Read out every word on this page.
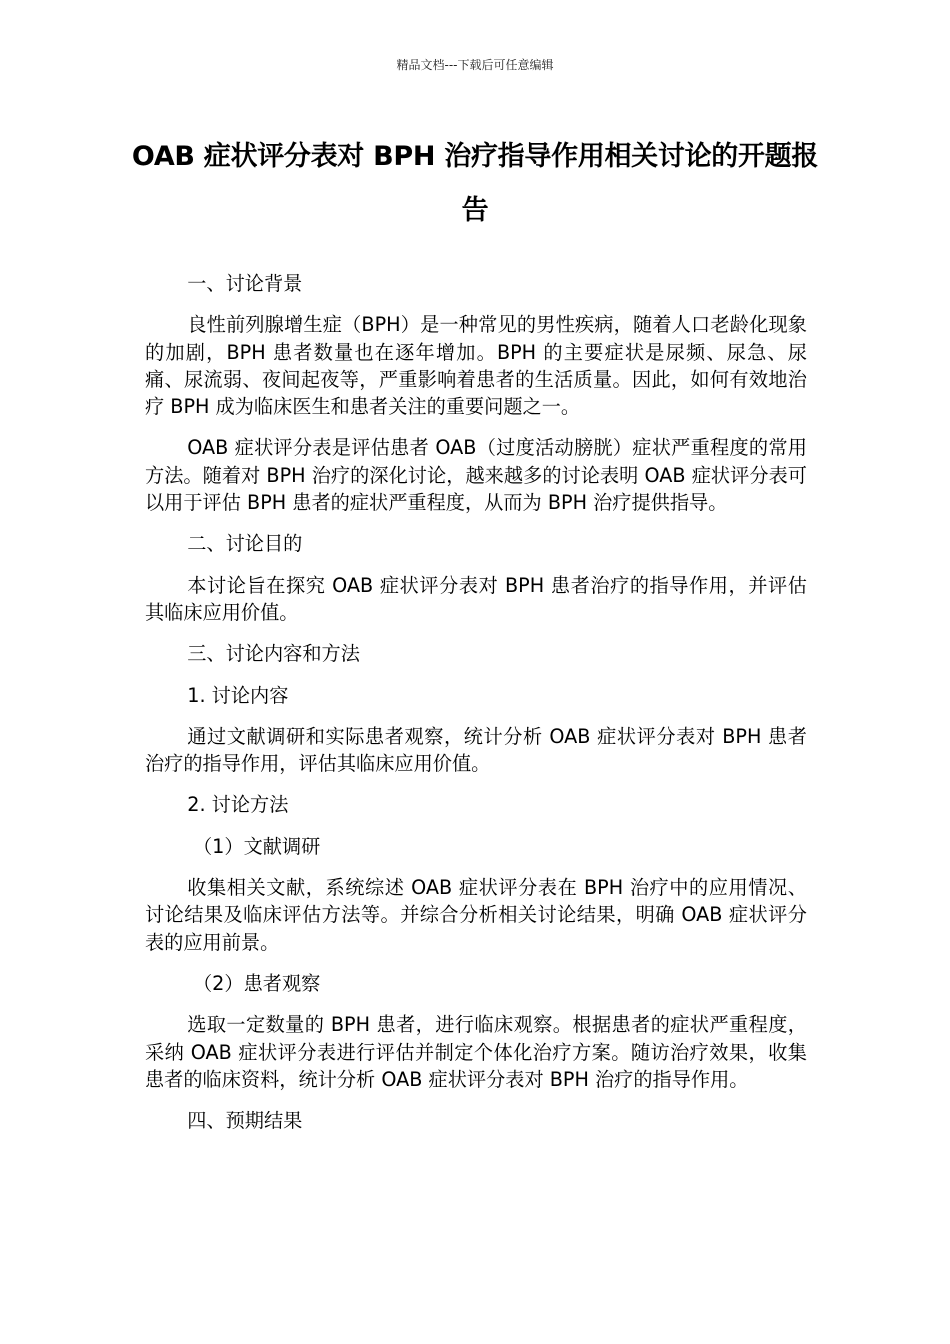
精品文档---下载后可任意编辑
OAB 症状评分表对 BPH 治疗指导作用相关讨论的开题报告

一、讨论背景

良性前列腺增生症（BPH）是一种常见的男性疾病，随着人口老龄化现象的加剧，BPH 患者数量也在逐年增加。BPH 的主要症状是尿频、尿急、尿痛、尿流弱、夜间起夜等，严重影响着患者的生活质量。因此，如何有效地治疗 BPH 成为临床医生和患者关注的重要问题之一。

OAB 症状评分表是评估患者 OAB（过度活动膀胱）症状严重程度的常用方法。随着对 BPH 治疗的深化讨论，越来越多的讨论表明 OAB 症状评分表可以用于评估 BPH 患者的症状严重程度，从而为 BPH 治疗提供指导。

二、讨论目的

本讨论旨在探究 OAB 症状评分表对 BPH 患者治疗的指导作用，并评估其临床应用价值。

三、讨论内容和方法

1. 讨论内容

通过文献调研和实际患者观察，统计分析 OAB 症状评分表对 BPH 患者治疗的指导作用，评估其临床应用价值。

2. 讨论方法

（1）文献调研

收集相关文献，系统综述 OAB 症状评分表在 BPH 治疗中的应用情况、讨论结果及临床评估方法等。并综合分析相关讨论结果，明确 OAB 症状评分表的应用前景。

（2）患者观察

选取一定数量的 BPH 患者，进行临床观察。根据患者的症状严重程度，采纳 OAB 症状评分表进行评估并制定个体化治疗方案。随访治疗效果，收集患者的临床资料，统计分析 OAB 症状评分表对 BPH 治疗的指导作用。

四、预期结果
